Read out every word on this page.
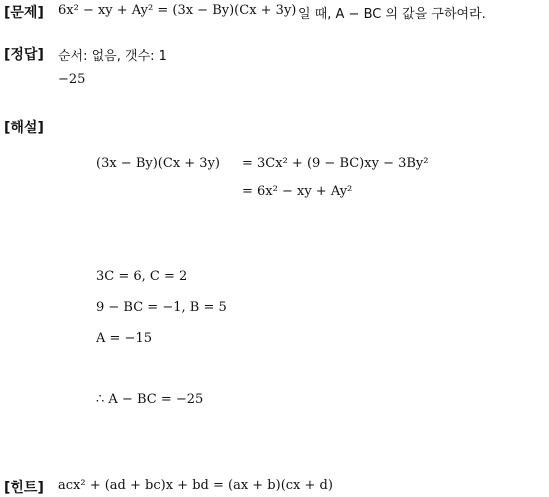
[문제] 6x² − xy + Ay² = (3x − By)(Cx + 3y) 일 때, A − BC 의 값을 구하여라.
[정답] 순서: 없음, 갯수: 1
−25
[해설]
(3x − By)(Cx + 3y) = 3Cx² + (9 − BC)xy − 3By²
= 6x² − xy + Ay²
3C = 6, C = 2
9 − BC = −1, B = 5
A = −15
∴ A − BC = −25
[힌트] acx² + (ad + bc)x + bd = (ax + b)(cx + d)
